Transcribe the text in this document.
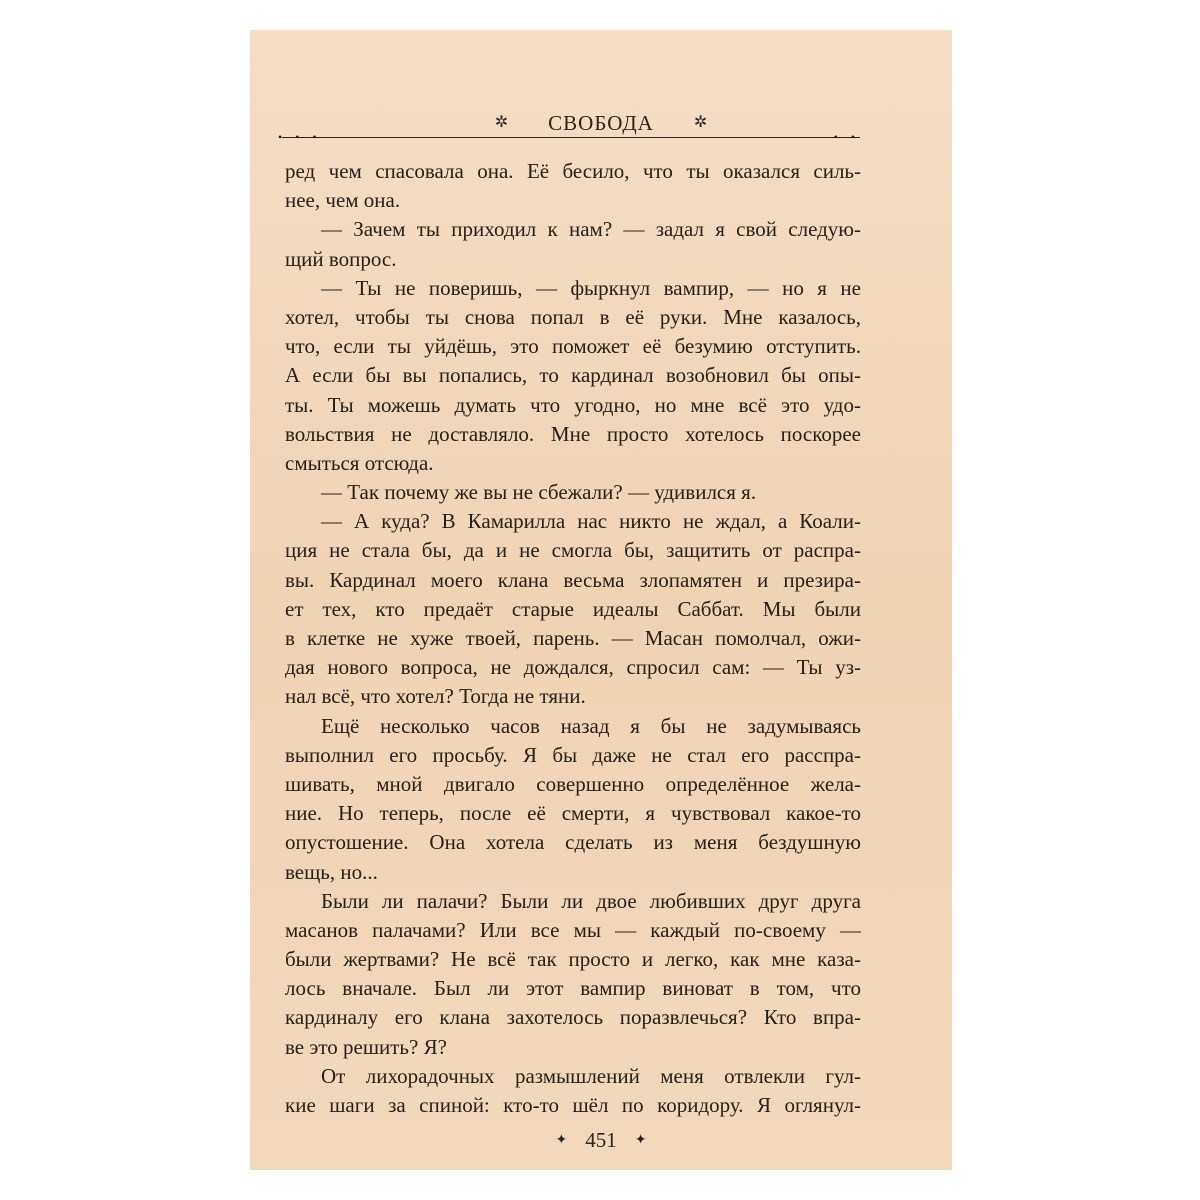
✲ СВОБОДА	✲
• • •	• •
ред чем спасовала она. Её бесило, что ты оказался силь-
нее, чем она.
— Зачем ты приходил к нам? — задал я свой следую-
щий вопрос.
— Ты не поверишь, — фыркнул вампир, — но я не
хотел, чтобы ты снова попал в её руки. Мне казалось,
что, если ты уйдёшь, это поможет её безумию отступить.
А если бы вы попались, то кардинал возобновил бы опы-
ты. Ты можешь думать что угодно, но мне всё это удо-
вольствия не доставляло. Мне просто хотелось поскорее
смыться отсюда.
— Так почему же вы не сбежали? — удивился я.
— А куда? В Камарилла нас никто не ждал, а Коали-
ция не стала бы, да и не смогла бы, защитить от распра-
вы. Кардинал моего клана весьма злопамятен и презира-
ет тех, кто предаёт старые идеалы Саббат. Мы были
в клетке не хуже твоей, парень. — Масан помолчал, ожи-
дая нового вопроса, не дождался, спросил сам: — Ты уз-
нал всё, что хотел? Тогда не тяни.
Ещё несколько часов назад я бы не задумываясь
выполнил его просьбу. Я бы даже не стал его расспра-
шивать, мной двигало совершенно определённое жела-
ние. Но теперь, после её смерти, я чувствовал какое-то
опустошение. Она хотела сделать из меня бездушную
вещь, но...
Были ли палачи? Были ли двое любивших друг друга
масанов палачами? Или все мы — каждый по-своему —
были жертвами? Не всё так просто и легко, как мне каза-
лось вначале. Был ли этот вампир виноват в том, что
кардиналу его клана захотелось поразвлечься? Кто впра-
ве это решить? Я?
От лихорадочных размышлений меня отвлекли гул-
кие шаги за спиной: кто-то шёл по коридору. Я оглянул-
✦ 451 ✦
